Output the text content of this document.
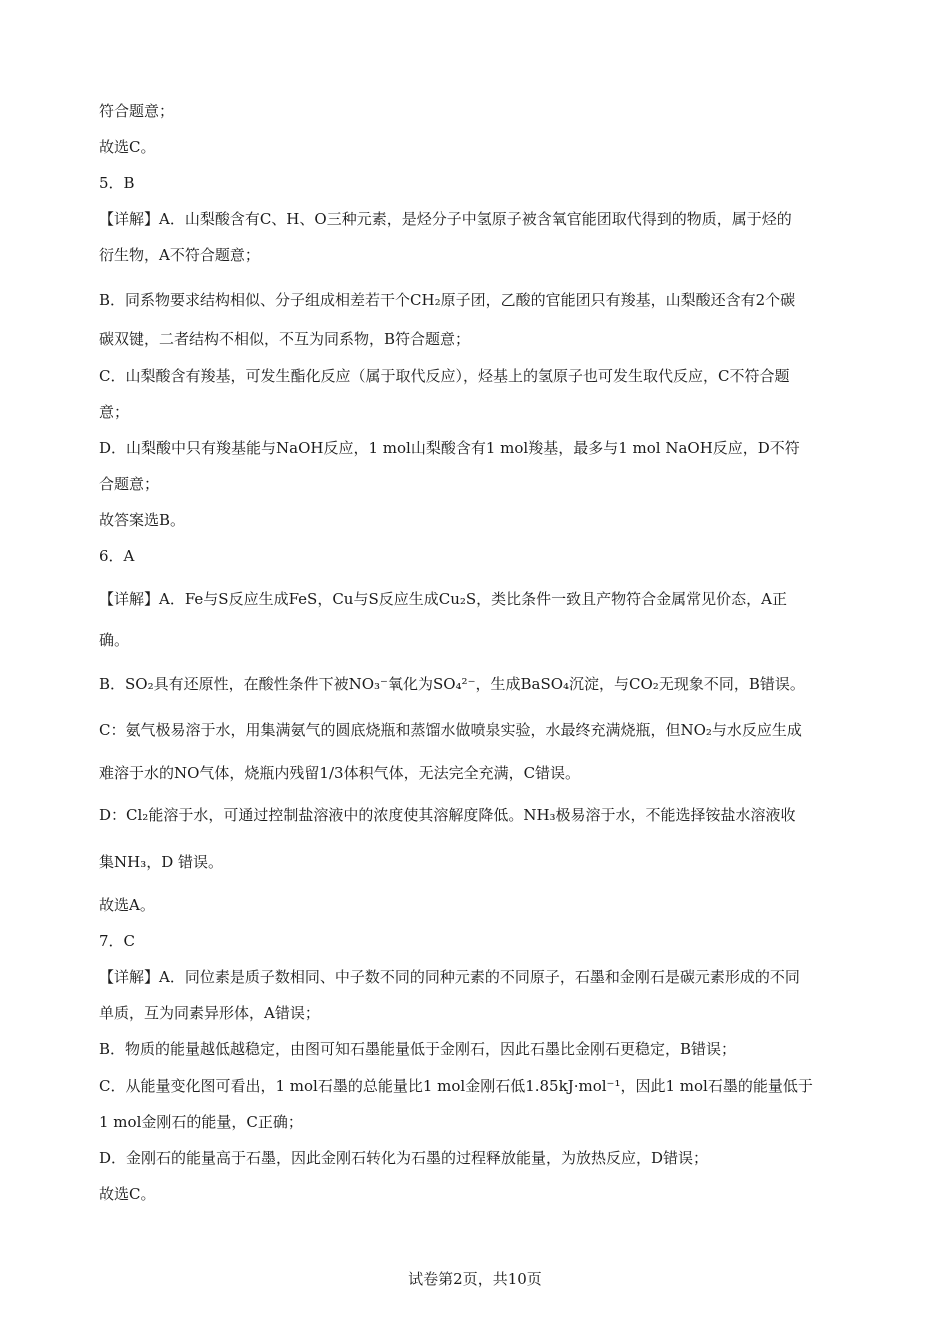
符合题意；
故选C。
5．B
【详解】A．山梨酸含有C、H、O三种元素，是烃分子中氢原子被含氧官能团取代得到的物质，属于烃的
衍生物，A不符合题意；
B．同系物要求结构相似、分子组成相差若干个CH₂原子团，乙酸的官能团只有羧基，山梨酸还含有2个碳
碳双键，二者结构不相似，不互为同系物，B符合题意；
C．山梨酸含有羧基，可发生酯化反应（属于取代反应），烃基上的氢原子也可发生取代反应，C不符合题
意；
D．山梨酸中只有羧基能与NaOH反应，1 mol山梨酸含有1 mol羧基，最多与1 mol NaOH反应，D不符
合题意；
故答案选B。
6．A
【详解】A．Fe与S反应生成FeS，Cu与S反应生成Cu₂S，类比条件一致且产物符合金属常见价态，A正
确。
B．SO₂具有还原性，在酸性条件下被NO₃⁻氧化为SO₄²⁻，生成BaSO₄沉淀，与CO₂无现象不同，B错误。
C：氨气极易溶于水，用集满氨气的圆底烧瓶和蒸馏水做喷泉实验，水最终充满烧瓶，但NO₂与水反应生成
难溶于水的NO气体，烧瓶内残留1/3体积气体，无法完全充满，C错误。
D：Cl₂能溶于水，可通过控制盐溶液中的浓度使其溶解度降低。NH₃极易溶于水，不能选择铵盐水溶液收
集NH₃，D 错误。
故选A。
7．C
【详解】A．同位素是质子数相同、中子数不同的同种元素的不同原子，石墨和金刚石是碳元素形成的不同
单质，互为同素异形体，A错误；
B．物质的能量越低越稳定，由图可知石墨能量低于金刚石，因此石墨比金刚石更稳定，B错误；
C．从能量变化图可看出，1 mol石墨的总能量比1 mol金刚石低1.85kJ·mol⁻¹，因此1 mol石墨的能量低于
1 mol金刚石的能量，C正确；
D．金刚石的能量高于石墨，因此金刚石转化为石墨的过程释放能量，为放热反应，D错误；
故选C。
试卷第2页，共10页
